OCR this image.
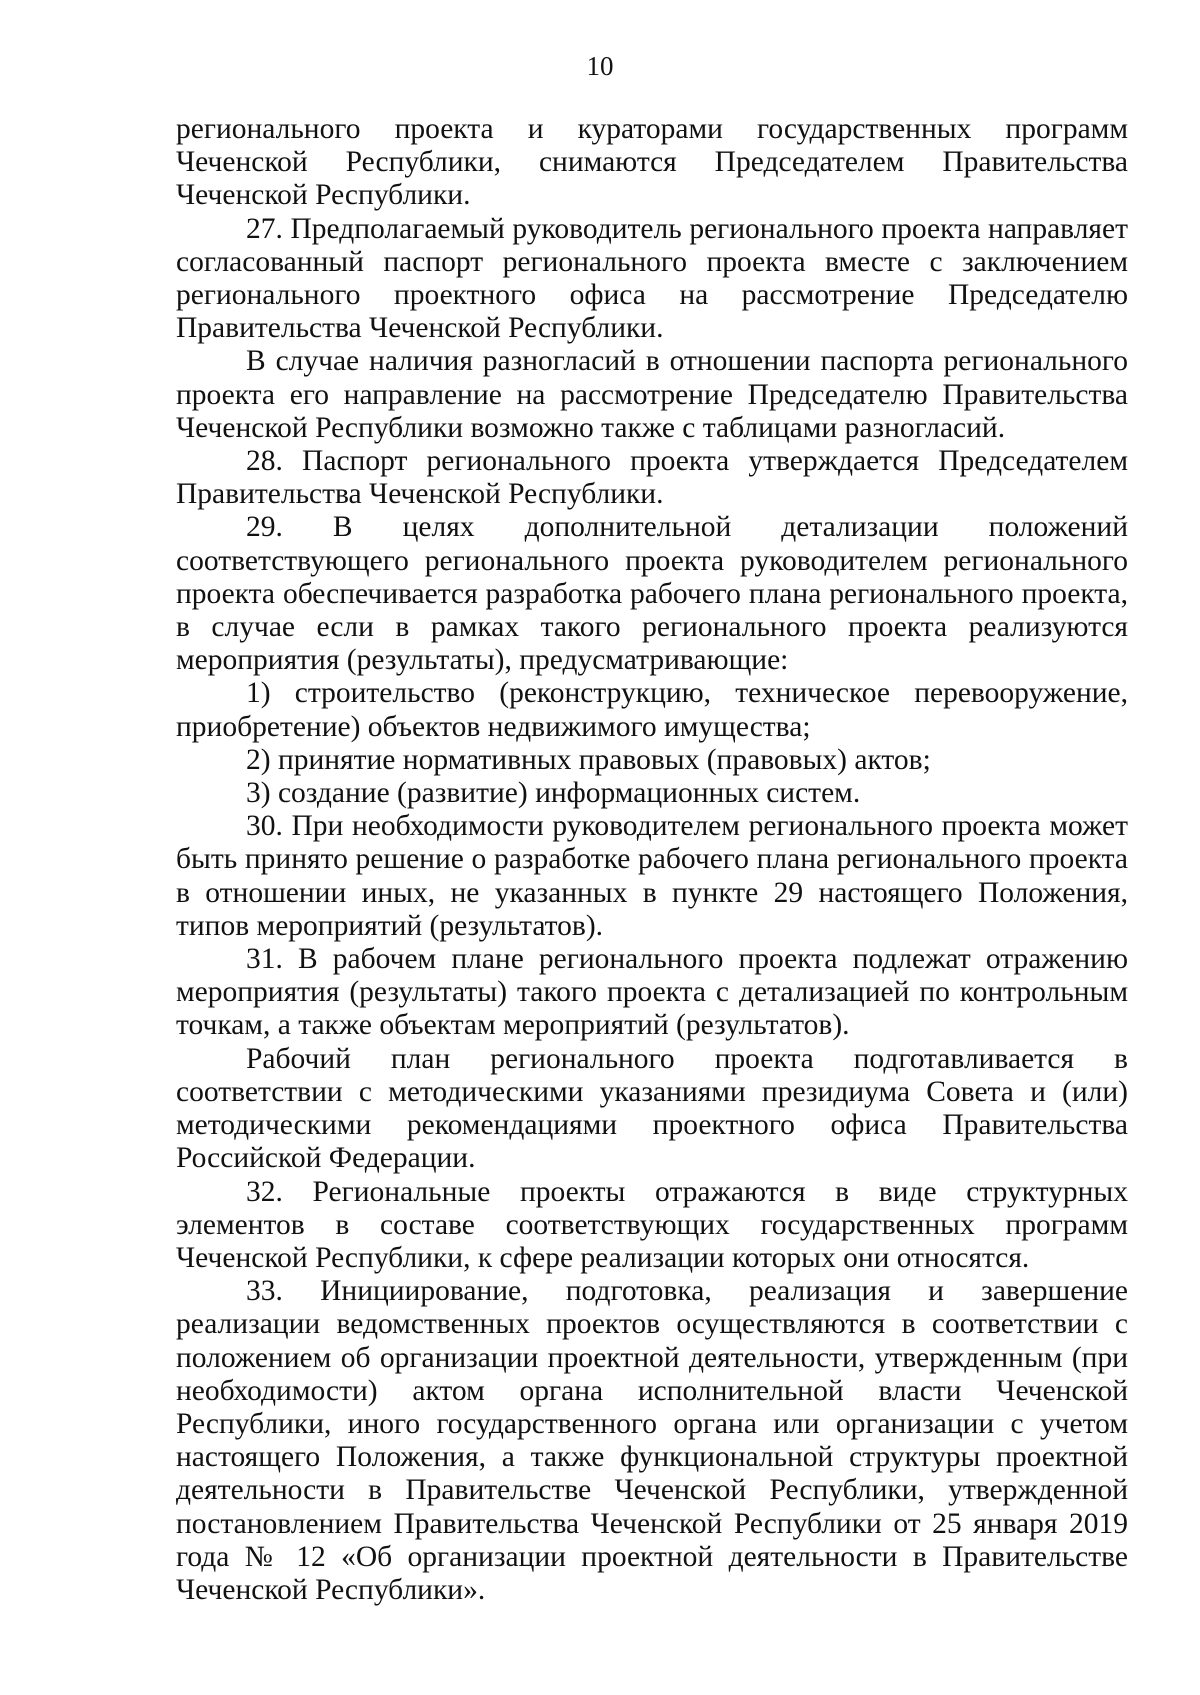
10

регионального проекта и кураторами государственных программ Чеченской Республики, снимаются Председателем Правительства Чеченской Республики.

27. Предполагаемый руководитель регионального проекта направляет согласованный паспорт регионального проекта вместе с заключением регионального проектного офиса на рассмотрение Председателю Правительства Чеченской Республики.

В случае наличия разногласий в отношении паспорта регионального проекта его направление на рассмотрение Председателю Правительства Чеченской Республики возможно также с таблицами разногласий.

28. Паспорт регионального проекта утверждается Председателем Правительства Чеченской Республики.

29. В целях дополнительной детализации положений соответствующего регионального проекта руководителем регионального проекта обеспечивается разработка рабочего плана регионального проекта, в случае если в рамках такого регионального проекта реализуются мероприятия (результаты), предусматривающие:

1) строительство (реконструкцию, техническое перевооружение, приобретение) объектов недвижимого имущества;

2) принятие нормативных правовых (правовых) актов;

3) создание (развитие) информационных систем.

30. При необходимости руководителем регионального проекта может быть принято решение о разработке рабочего плана регионального проекта в отношении иных, не указанных в пункте 29 настоящего Положения, типов мероприятий (результатов).

31. В рабочем плане регионального проекта подлежат отражению мероприятия (результаты) такого проекта с детализацией по контрольным точкам, а также объектам мероприятий (результатов).

Рабочий план регионального проекта подготавливается в соответствии с методическими указаниями президиума Совета и (или) методическими рекомендациями проектного офиса Правительства Российской Федерации.

32. Региональные проекты отражаются в виде структурных элементов в составе соответствующих государственных программ Чеченской Республики, к сфере реализации которых они относятся.

33. Инициирование, подготовка, реализация и завершение реализации ведомственных проектов осуществляются в соответствии с положением об организации проектной деятельности, утвержденным (при необходимости) актом органа исполнительной власти Чеченской Республики, иного государственного органа или организации с учетом настоящего Положения, а также функциональной структуры проектной деятельности в Правительстве Чеченской Республики, утвержденной постановлением Правительства Чеченской Республики от 25 января 2019 года № 12 «Об организации проектной деятельности в Правительстве Чеченской Республики».
